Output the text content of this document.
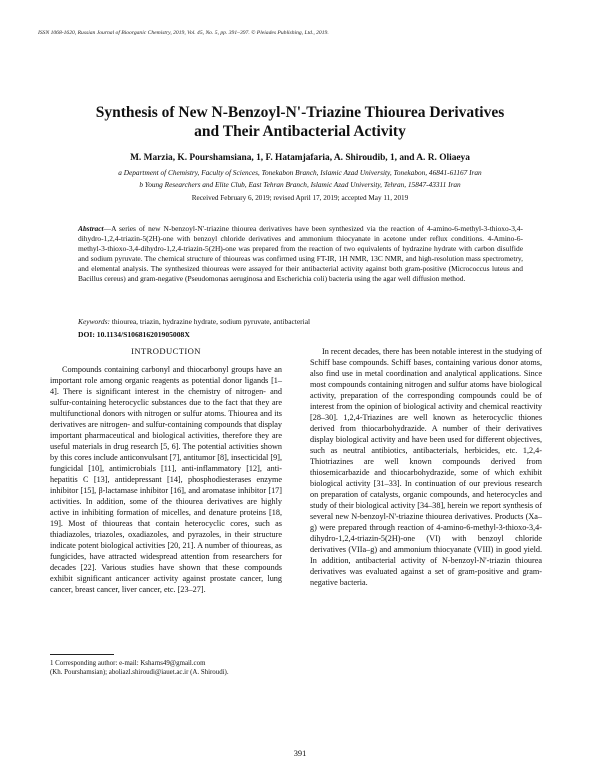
ISSN 1068-1620, Russian Journal of Bioorganic Chemistry, 2019, Vol. 45, No. 5, pp. 391–397. © Pleiades Publishing, Ltd., 2019.
Synthesis of New N-Benzoyl-N'-Triazine Thiourea Derivatives
and Their Antibacterial Activity
M. Marzia, K. Pourshamsiana, 1, F. Hatamjafaria, A. Shiroudib, 1, and A. R. Oliaeya
a Department of Chemistry, Faculty of Sciences, Tonekabon Branch, Islamic Azad University, Tonekabon, 46841-61167 Iran
b Young Researchers and Elite Club, East Tehran Branch, Islamic Azad University, Tehran, 15847-43311 Iran
Received February 6, 2019; revised April 17, 2019; accepted May 11, 2019
Abstract—A series of new N-benzoyl-N'-triazine thiourea derivatives have been synthesized via the reaction of 4-amino-6-methyl-3-thioxo-3,4-dihydro-1,2,4-triazin-5(2H)-one with benzoyl chloride derivatives and ammonium thiocyanate in acetone under reflux conditions. 4-Amino-6-methyl-3-thioxo-3,4-dihydro-1,2,4-triazin-5(2H)-one was prepared from the reaction of two equivalents of hydrazine hydrate with carbon disulfide and sodium pyruvate. The chemical structure of thioureas was confirmed using FT-IR, 1H NMR, 13C NMR, and high-resolution mass spectrometry, and elemental analysis. The synthesized thioureas were assayed for their antibacterial activity against both gram-positive (Micrococcus luteus and Bacillus cereus) and gram-negative (Pseudomonas aeruginosa and Escherichia coli) bacteria using the agar well diffusion method.
Keywords: thiourea, triazin, hydrazine hydrate, sodium pyruvate, antibacterial
DOI: 10.1134/S106816201905008X
INTRODUCTION

Compounds containing carbonyl and thiocarbonyl groups have an important role among organic reagents as potential donor ligands [1–4]. There is significant interest in the chemistry of nitrogen- and sulfur-containing heterocyclic substances due to the fact that they are multifunctional donors with nitrogen or sulfur atoms. Thiourea and its derivatives are nitrogen- and sulfur-containing compounds that display important pharmaceutical and biological activities, therefore they are useful materials in drug research [5, 6]. The potential activities shown by this cores include anticonvulsant [7], antitumor [8], insecticidal [9], fungicidal [10], antimicrobials [11], anti-inflammatory [12], anti-hepatitis C [13], antidepressant [14], phosphodiesterases enzyme inhibitor [15], β-lactamase inhibitor [16], and aromatase inhibitor [17] activities. In addition, some of the thiourea derivatives are highly active in inhibiting formation of micelles, and denature proteins [18, 19]. Most of thioureas that contain heterocyclic cores, such as thiadiazoles, triazoles, oxadiazoles, and pyrazoles, in their structure indicate potent biological activities [20, 21]. A number of thioureas, as fungicides, have attracted widespread attention from researchers for decades [22]. Various studies have shown that these compounds exhibit significant anticancer activity against prostate cancer, lung cancer, breast cancer, liver cancer, etc. [23–27].

In recent decades, there has been notable interest in the studying of Schiff base compounds. Schiff bases, containing various donor atoms, also find use in metal coordination and analytical applications. Since most compounds containing nitrogen and sulfur atoms have biological activity, preparation of the corresponding compounds could be of interest from the opinion of biological activity and chemical reactivity [28–30]. 1,2,4-Triazines are well known as heterocyclic thiones derived from thiocarbohydrazide. A number of their derivatives display biological activity and have been used for different objectives, such as neutral antibiotics, antibacterials, herbicides, etc. 1,2,4-Thiotriazines are well known compounds derived from thiosemicarbazide and thiocarbohydrazide, some of which exhibit biological activity [31–33]. In continuation of our previous research on preparation of catalysts, organic compounds, and heterocycles and study of their biological activity [34–38], herein we report synthesis of several new N-benzoyl-N'-triazine thiourea derivatives. Products (Xa–g) were prepared through reaction of 4-amino-6-methyl-3-thioxo-3,4-dihydro-1,2,4-triazin-5(2H)-one (VI) with benzoyl chloride derivatives (VIIa–g) and ammonium thiocyanate (VIII) in good yield. In addition, antibacterial activity of N-benzoyl-N'-triazin thiourea derivatives was evaluated against a set of gram-positive and gram-negative bacteria.

1 Corresponding author: e-mail: Ksharns49@gmail.com
(Kh. Pourshamsian); aboliazl.shiroudi@iauet.ac.ir (A. Shiroudi).
391
